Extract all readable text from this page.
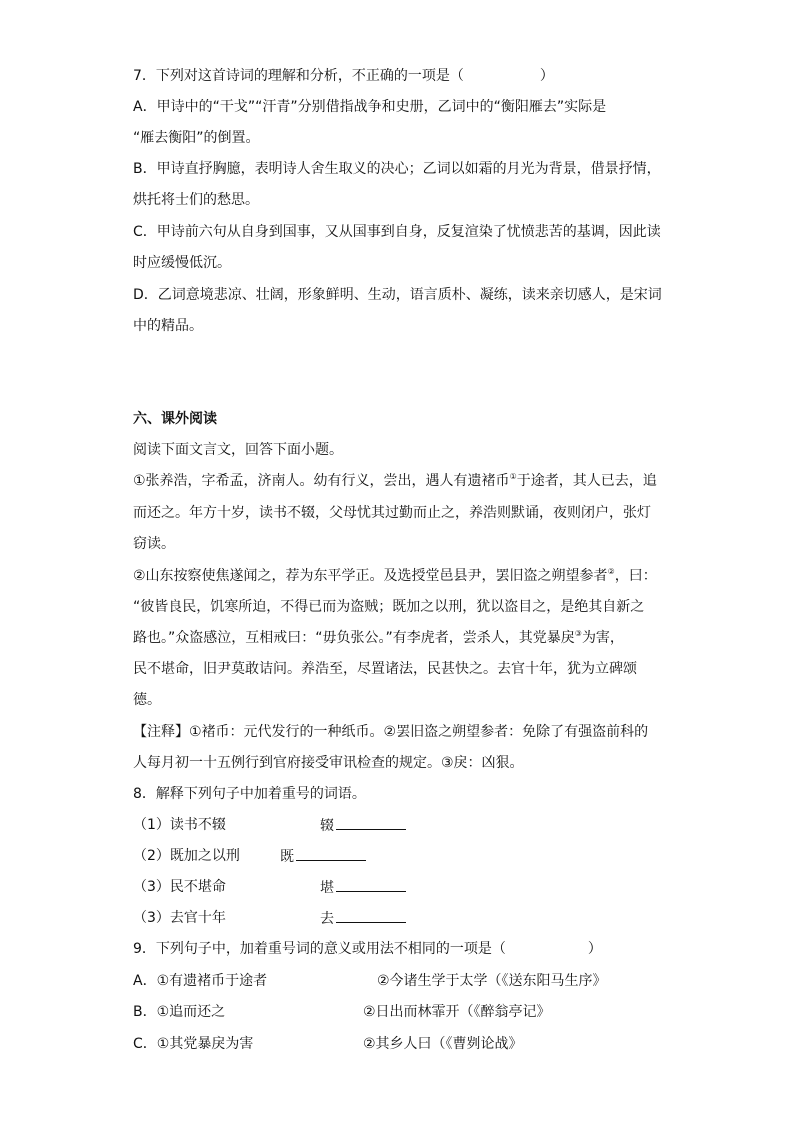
7．下列对这首诗词的理解和分析，不正确的一项是（	）
A．甲诗中的“干戈”“汗青”分别借指战争和史册，乙词中的“衡阳雁去”实际是
“雁去衡阳”的倒置。
B．甲诗直抒胸臆，表明诗人舍生取义的决心；乙词以如霜的月光为背景，借景抒情，
烘托将士们的愁思。
C．甲诗前六句从自身到国事，又从国事到自身，反复渲染了忧愤悲苦的基调，因此读
时应缓慢低沉。
D．乙词意境悲凉、壮阔，形象鲜明、生动，语言质朴、凝练，读来亲切感人，是宋词
中的精品。
六、课外阅读
阅读下面文言文，回答下面小题。
①张养浩，字希孟，济南人。幼有行义，尝出，遇人有遗褚币①于途者，其人已去，追
而还之。年方十岁，读书不辍，父母忧其过勤而止之，养浩则默诵，夜则闭户，张灯
窃读。
②山东按察使焦遂闻之，荐为东平学正。及选授堂邑县尹，罢旧盗之朔望参者②，曰：
“彼皆良民，饥寒所迫，不得已而为盗贼；既加之以刑，犹以盗目之，是绝其自新之
路也。”众盗感泣，互相戒曰：“毋负张公。”有李虎者，尝杀人，其党暴戾③为害，
民不堪命，旧尹莫敢诘问。养浩至，尽置诸法，民甚快之。去官十年，犹为立碑颂
德。
【注释】①褚币：元代发行的一种纸币。②罢旧盗之朔望参者：免除了有强盗前科的
人每月初一十五例行到官府接受审讯检查的规定。③戾：凶狠。
8．解释下列句子中加着重号的词语。
（1）读书不辍	辍
（2）既加之以刑	既
（3）民不堪命	堪
（3）去官十年	去
9．下列句子中，加着重号词的意义或用法不相同的一项是（	）
A．①有遗褚币于途者	②今诸生学于太学（《送东阳马生序》
B．①追而还之	②日出而林霏开（《醉翁亭记》
C．①其党暴戾为害	②其乡人曰（《曹刿论战》
